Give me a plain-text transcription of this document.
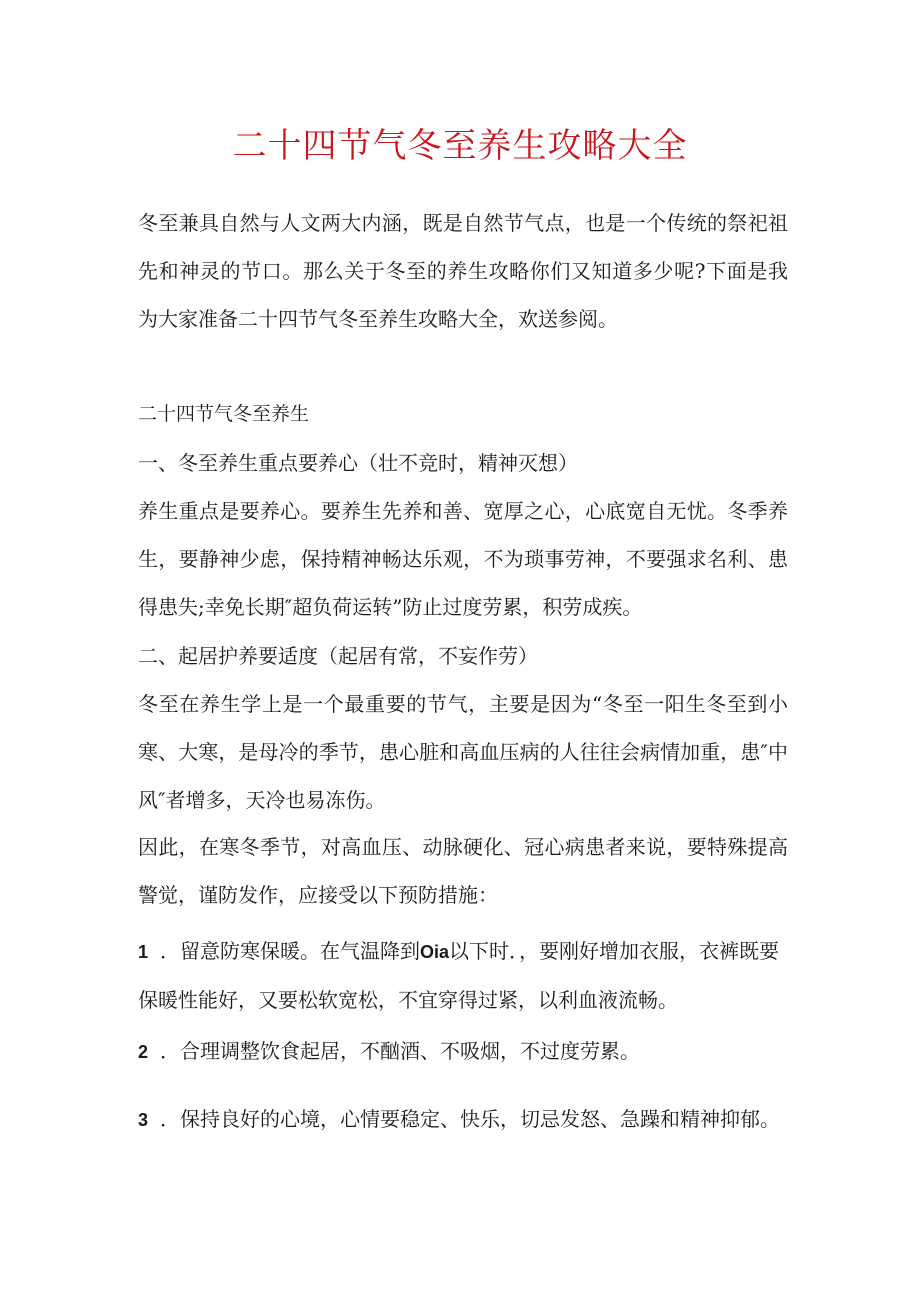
二十四节气冬至养生攻略大全

冬至兼具自然与人文两大内涵，既是自然节气点，也是一个传统的祭祀祖先和神灵的节口。那么关于冬至的养生攻略你们又知道多少呢?下面是我为大家准备二十四节气冬至养生攻略大全，欢送参阅。

二十四节气冬至养生

一、冬至养生重点要养心（壮不竞时，精神灭想）

养生重点是要养心。要养生先养和善、宽厚之心，心底宽自无忧。冬季养生，要静神少虑，保持精神畅达乐观，不为琐事劳神，不要强求名利、患得患失;幸免长期″超负荷运转”防止过度劳累，积劳成疾。

二、起居护养要适度（起居有常，不妄作劳）

冬至在养生学上是一个最重要的节气，主要是因为“冬至一阳生冬至到小寒、大寒，是母冷的季节，患心脏和高血压病的人往往会病情加重，患″中风″者增多，天冷也易冻伤。

因此，在寒冬季节，对高血压、动脉硬化、冠心病患者来说，要特殊提高警觉，谨防发作，应接受以下预防措施：

1 ．留意防寒保暖。在气温降到Oia以下时．，要刚好增加衣服，衣裤既要保暖性能好，又要松软宽松，不宜穿得过紧，以利血液流畅。

2 ．合理调整饮食起居，不酗酒、不吸烟，不过度劳累。

3 ．保持良好的心境，心情要稳定、快乐，切忌发怒、急躁和精神抑郁。
